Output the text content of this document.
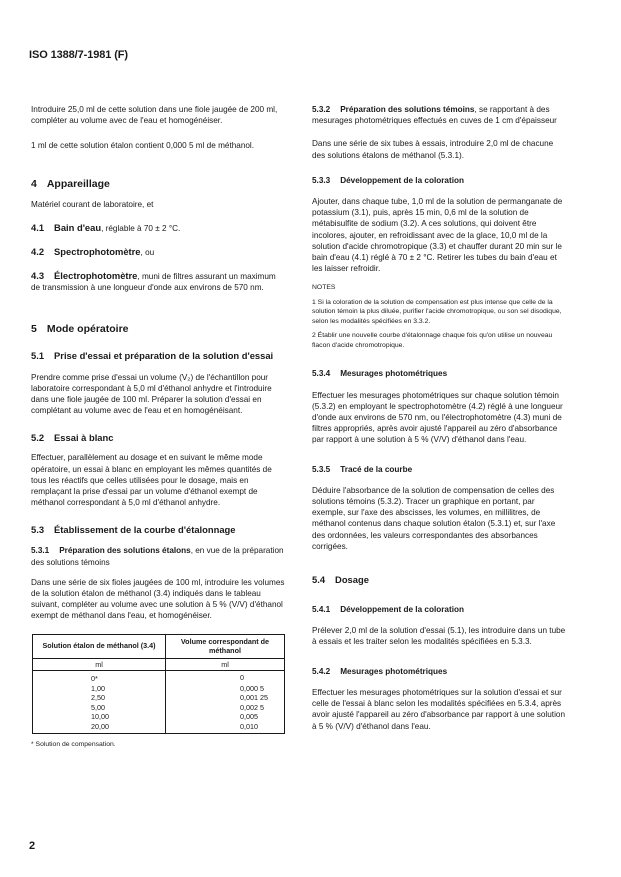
ISO 1388/7-1981 (F)

Introduire 25,0 ml de cette solution dans une fiole jaugée de 200 ml, compléter au volume avec de l'eau et homogénéiser.

1 ml de cette solution étalon contient 0,000 5 ml de méthanol.

4 Appareillage

Matériel courant de laboratoire, et

4.1 Bain d'eau, réglable à 70 ± 2 °C.

4.2 Spectrophotomètre, ou

4.3 Électrophotomètre, muni de filtres assurant un maximum de transmission à une longueur d'onde aux environs de 570 nm.

5 Mode opératoire

5.1 Prise d'essai et préparation de la solution d'essai

Prendre comme prise d'essai un volume (V₂) de l'échantillon pour laboratoire correspondant à 5,0 ml d'éthanol anhydre et l'introduire dans une fiole jaugée de 100 ml. Préparer la solution d'essai en complétant au volume avec de l'eau et en homogénéisant.

5.2 Essai à blanc

Effectuer, parallèlement au dosage et en suivant le même mode opératoire, un essai à blanc en employant les mêmes quantités de tous les réactifs que celles utilisées pour le dosage, mais en remplaçant la prise d'essai par un volume d'éthanol exempt de méthanol correspondant à 5,0 ml d'éthanol anhydre.

5.3 Établissement de la courbe d'étalonnage

5.3.1 Préparation des solutions étalons, en vue de la préparation des solutions témoins

Dans une série de six fioles jaugées de 100 ml, introduire les volumes de la solution étalon de méthanol (3.4) indiqués dans le tableau suivant, compléter au volume avec une solution à 5 % (V/V) d'éthanol exempt de méthanol dans l'eau, et homogénéiser.

Solution étalon de méthanol (3.4)	Volume correspondant de méthanol
ml	ml
0*	0
1,00	0,000 5
2,50	0,001 25
5,00	0,002 5
10,00	0,005
20,00	0,010

* Solution de compensation.

5.3.2 Préparation des solutions témoins, se rapportant à des mesurages photométriques effectués en cuves de 1 cm d'épaisseur

Dans une série de six tubes à essais, introduire 2,0 ml de chacune des solutions étalons de méthanol (5.3.1).

5.3.3 Développement de la coloration

Ajouter, dans chaque tube, 1,0 ml de la solution de permanganate de potassium (3.1), puis, après 15 min, 0,6 ml de la solution de métabisulfite de sodium (3.2). A ces solutions, qui doivent être incolores, ajouter, en refroidissant avec de la glace, 10,0 ml de la solution d'acide chromotropique (3.3) et chauffer durant 20 min sur le bain d'eau (4.1) réglé à 70 ± 2 °C. Retirer les tubes du bain d'eau et les laisser refroidir.

NOTES

1 Si la coloration de la solution de compensation est plus intense que celle de la solution témoin la plus diluée, purifier l'acide chromotropique, ou son sel disodique, selon les modalités spécifiées en 3.3.2.

2 Établir une nouvelle courbe d'étalonnage chaque fois qu'on utilise un nouveau flacon d'acide chromotropique.

5.3.4 Mesurages photométriques

Effectuer les mesurages photométriques sur chaque solution témoin (5.3.2) en employant le spectrophotomètre (4.2) réglé à une longueur d'onde aux environs de 570 nm, ou l'électrophotomètre (4.3) muni de filtres appropriés, après avoir ajusté l'appareil au zéro d'absorbance par rapport à une solution à 5 % (V/V) d'éthanol dans l'eau.

5.3.5 Tracé de la courbe

Déduire l'absorbance de la solution de compensation de celles des solutions témoins (5.3.2). Tracer un graphique en portant, par exemple, sur l'axe des abscisses, les volumes, en millilitres, de méthanol contenus dans chaque solution étalon (5.3.1) et, sur l'axe des ordonnées, les valeurs correspondantes des absorbances corrigées.

5.4 Dosage

5.4.1 Développement de la coloration

Prélever 2,0 ml de la solution d'essai (5.1), les introduire dans un tube à essais et les traiter selon les modalités spécifiées en 5.3.3.

5.4.2 Mesurages photométriques

Effectuer les mesurages photométriques sur la solution d'essai et sur celle de l'essai à blanc selon les modalités spécifiées en 5.3.4, après avoir ajusté l'appareil au zéro d'absorbance par rapport à une solution à 5 % (V/V) d'éthanol dans l'eau.

2
